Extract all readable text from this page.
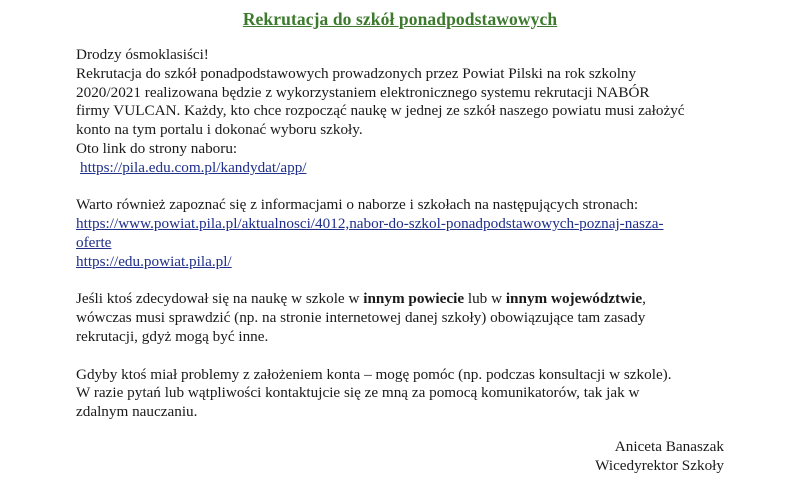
Rekrutacja do szkół ponadpodstawowych

Drodzy ósmoklasiści!

Rekrutacja do szkół ponadpodstawowych prowadzonych przez Powiat Pilski na rok szkolny

2020/2021 realizowana będzie z wykorzystaniem elektronicznego systemu rekrutacji NABÓR

firmy VULCAN. Każdy, kto chce rozpocząć naukę w jednej ze szkół naszego powiatu musi założyć

konto na tym portalu i dokonać wyboru szkoły.

Oto link do strony naboru:

https://pila.edu.com.pl/kandydat/app/

Warto również zapoznać się z informacjami o naborze i szkołach na następujących stronach:

https://www.powiat.pila.pl/aktualnosci/4012,nabor-do-szkol-ponadpodstawowych-poznaj-nasza-

oferte

https://edu.powiat.pila.pl/

Jeśli ktoś zdecydował się na naukę w szkole w innym powiecie lub w innym województwie,

wówczas musi sprawdzić (np. na stronie internetowej danej szkoły) obowiązujące tam zasady

rekrutacji, gdyż mogą być inne.

Gdyby ktoś miał problemy z założeniem konta – mogę pomóc (np. podczas konsultacji w szkole).

W razie pytań lub wątpliwości kontaktujcie się ze mną za pomocą komunikatorów, tak jak w

zdalnym nauczaniu.

Aniceta Banaszak
Wicedyrektor Szkoły
